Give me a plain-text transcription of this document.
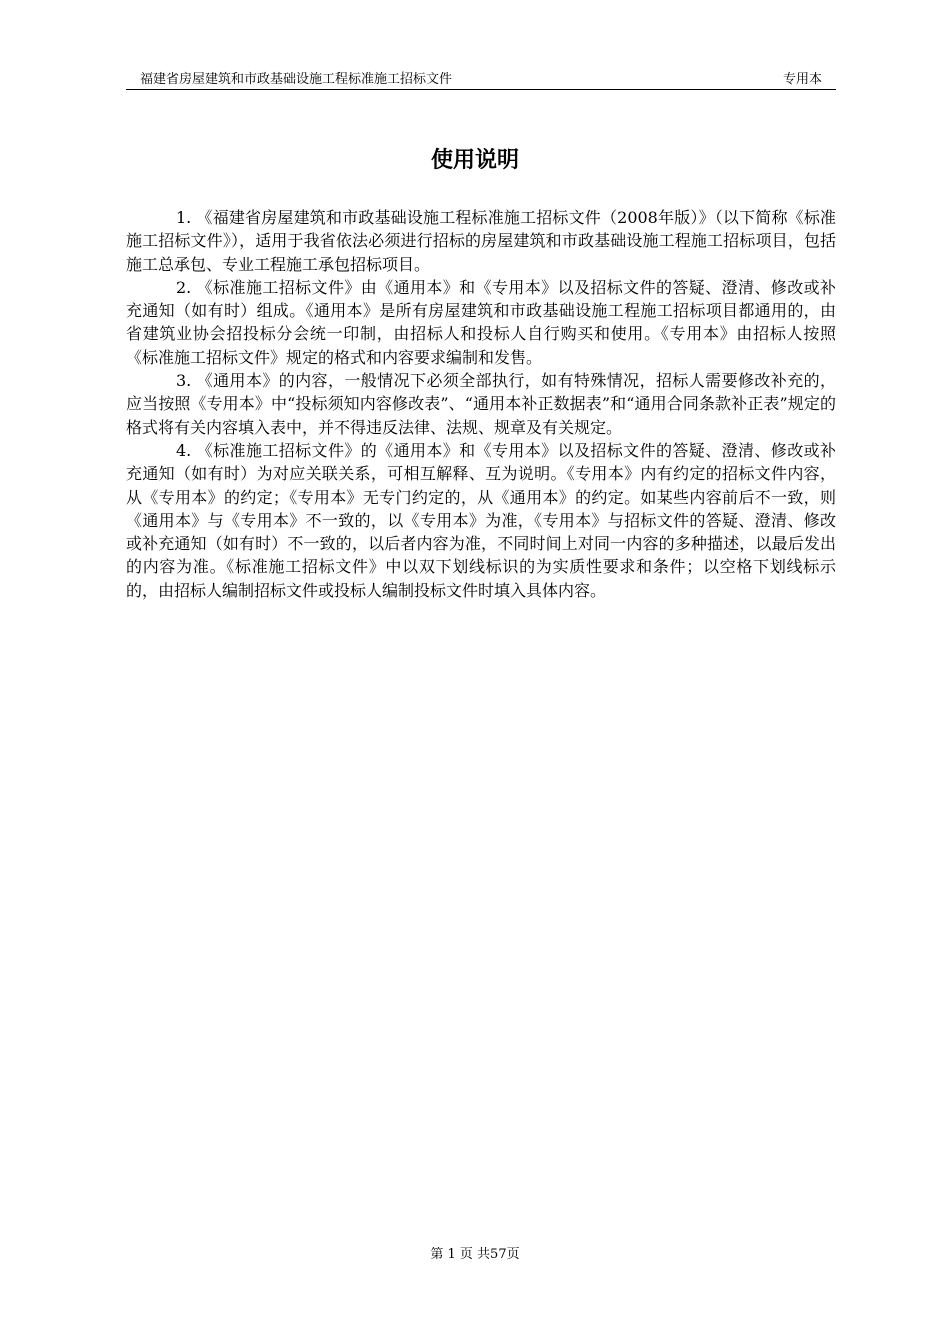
福建省房屋建筑和市政基础设施工程标准施工招标文件	专用本
使用说明

1. 《福建省房屋建筑和市政基础设施工程标准施工招标文件（2008年版）》（以下简称《标准施工招标文件》），适用于我省依法必须进行招标的房屋建筑和市政基础设施工程施工招标项目，包括施工总承包、专业工程施工承包招标项目。

2. 《标准施工招标文件》由《通用本》和《专用本》以及招标文件的答疑、澄清、修改或补充通知（如有时）组成。《通用本》是所有房屋建筑和市政基础设施工程施工招标项目都通用的，由省建筑业协会招投标分会统一印制，由招标人和投标人自行购买和使用。《专用本》由招标人按照《标准施工招标文件》规定的格式和内容要求编制和发售。

3. 《通用本》的内容，一般情况下必须全部执行，如有特殊情况，招标人需要修改补充的，应当按照《专用本》中“投标须知内容修改表”、“通用本补正数据表”和“通用合同条款补正表”规定的格式将有关内容填入表中，并不得违反法律、法规、规章及有关规定。

4. 《标准施工招标文件》的《通用本》和《专用本》以及招标文件的答疑、澄清、修改或补充通知（如有时）为对应关联关系，可相互解释、互为说明。《专用本》内有约定的招标文件内容，从《专用本》的约定；《专用本》无专门约定的，从《通用本》的约定。如某些内容前后不一致，则《通用本》与《专用本》不一致的，以《专用本》为准，《专用本》与招标文件的答疑、澄清、修改或补充通知（如有时）不一致的，以后者内容为准，不同时间上对同一内容的多种描述，以最后发出的内容为准。《标准施工招标文件》中以双下划线标识的为实质性要求和条件；以空格下划线标示的，由招标人编制招标文件或投标人编制投标文件时填入具体内容。

第 1 页 共57页
